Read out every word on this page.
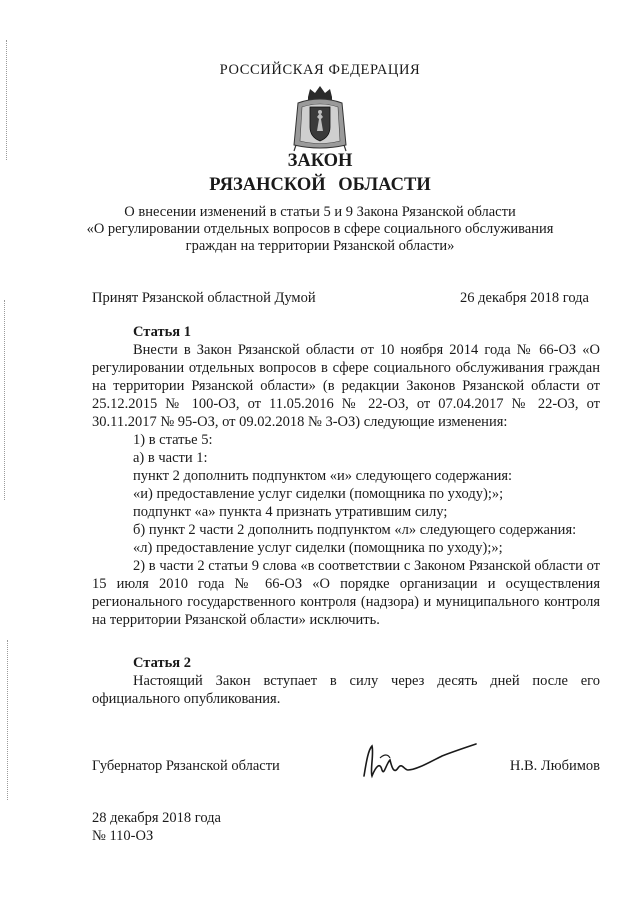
РОССИЙСКАЯ ФЕДЕРАЦИЯ
ЗАКОН
РЯЗАНСКОЙ ОБЛАСТИ
О внесении изменений в статьи 5 и 9 Закона Рязанской области
«О регулировании отдельных вопросов в сфере социального обслуживания
граждан на территории Рязанской области»
Принят Рязанской областной Думой	26 декабря 2018 года

Статья 1

Внести в Закон Рязанской области от 10 ноября 2014 года № 66-ОЗ «О регулировании отдельных вопросов в сфере социального обслуживания граждан на территории Рязанской области» (в редакции Законов Рязанской области от 25.12.2015 № 100-ОЗ, от 11.05.2016 № 22-ОЗ, от 07.04.2017 № 22-ОЗ, от 30.11.2017 № 95-ОЗ, от 09.02.2018 № 3-ОЗ) следующие изменения:

1) в статье 5:

а) в части 1:

пункт 2 дополнить подпунктом «и» следующего содержания:

«и) предоставление услуг сиделки (помощника по уходу);»;

подпункт «а» пункта 4 признать утратившим силу;

б) пункт 2 части 2 дополнить подпунктом «л» следующего содержания:

«л) предоставление услуг сиделки (помощника по уходу);»;

2) в части 2 статьи 9 слова «в соответствии с Законом Рязанской области от 15 июля 2010 года № 66-ОЗ «О порядке организации и осуществления регионального государственного контроля (надзора) и муниципального контроля на территории Рязанской области» исключить.

Статья 2

Настоящий Закон вступает в силу через десять дней после его официального опубликования.

Губернатор Рязанской области	Н.В. Любимов
28 декабря 2018 года
№ 110-ОЗ
